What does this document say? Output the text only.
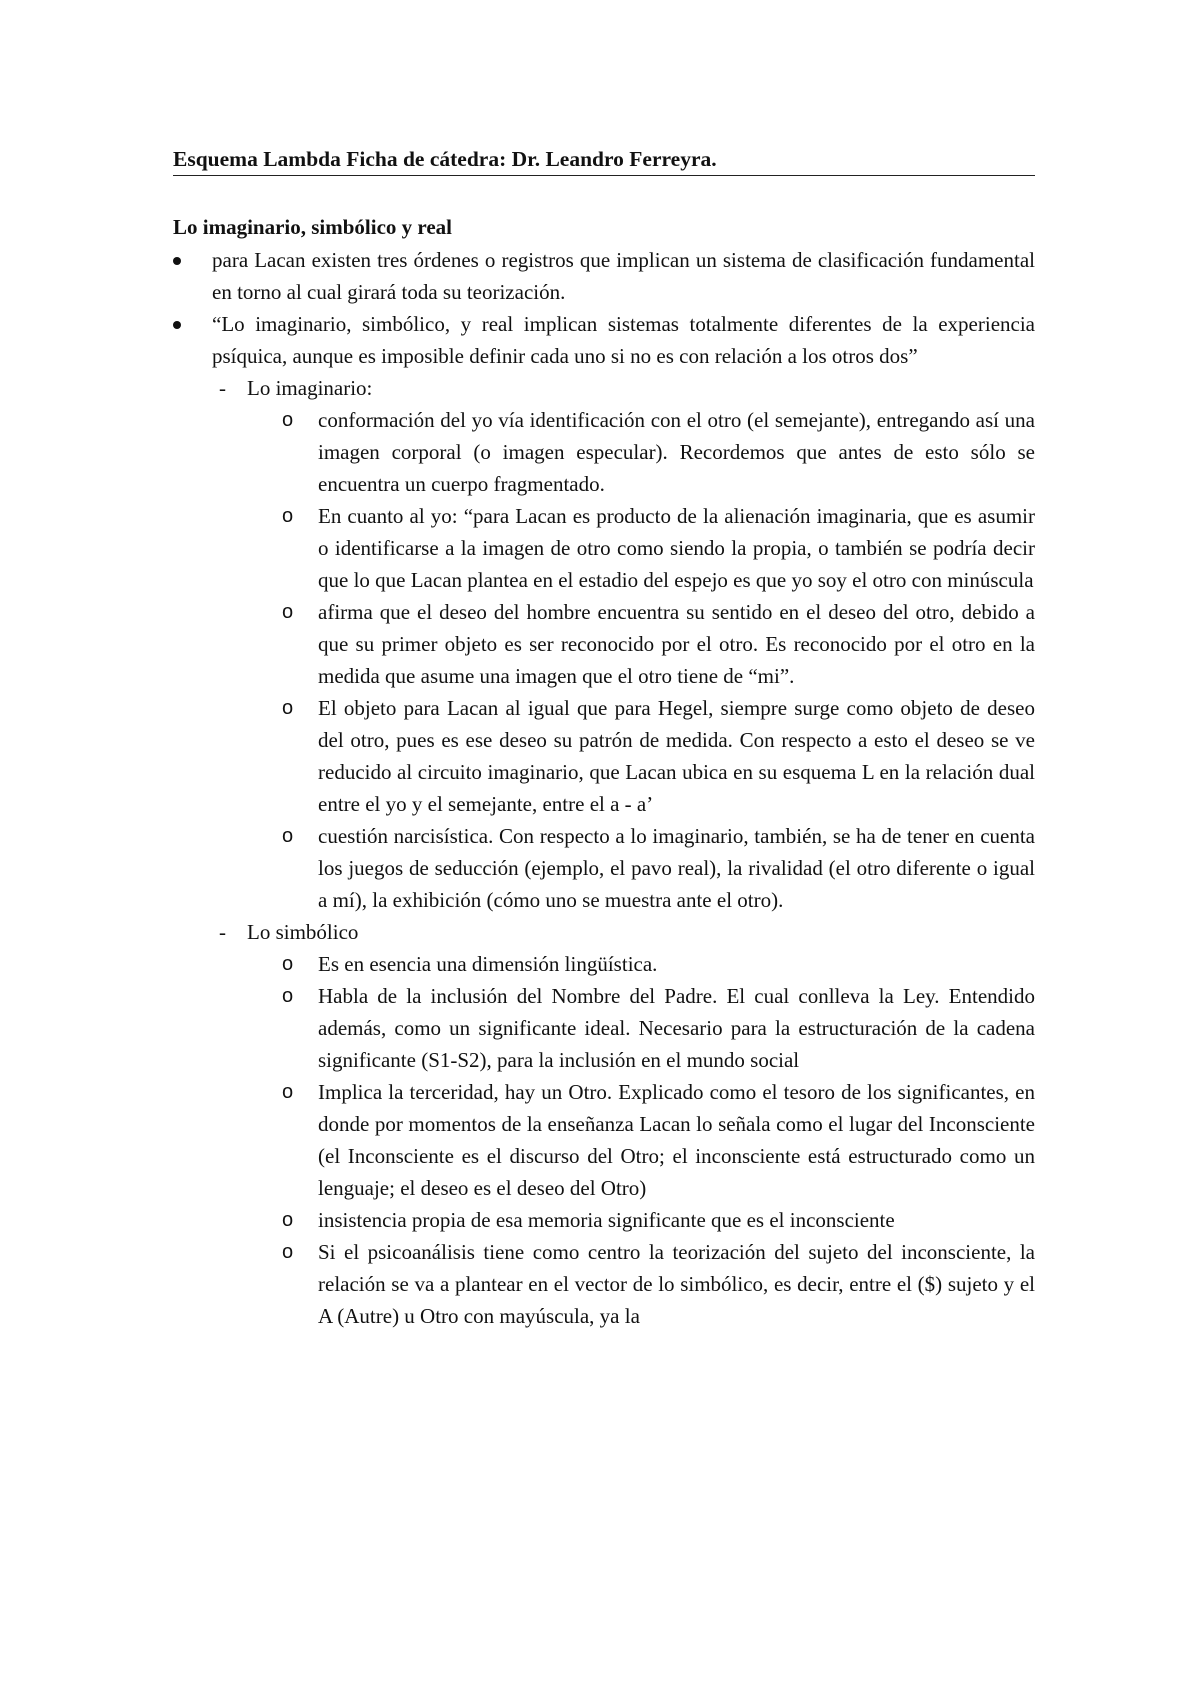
Esquema Lambda Ficha de cátedra: Dr. Leandro Ferreyra.
Lo imaginario, simbólico y real
para Lacan existen tres órdenes o registros que implican un sistema de clasificación fundamental en torno al cual girará toda su teorización.
“Lo imaginario, simbólico, y real implican sistemas totalmente diferentes de la experiencia psíquica, aunque es imposible definir cada uno si no es con relación a los otros dos”
- Lo imaginario:
o conformación del yo vía identificación con el otro (el semejante), entregando así una imagen corporal (o imagen especular). Recordemos que antes de esto sólo se encuentra un cuerpo fragmentado.
o En cuanto al yo: “para Lacan es producto de la alienación imaginaria, que es asumir o identificarse a la imagen de otro como siendo la propia, o también se podría decir que lo que Lacan plantea en el estadio del espejo es que yo soy el otro con minúscula
o afirma que el deseo del hombre encuentra su sentido en el deseo del otro, debido a que su primer objeto es ser reconocido por el otro. Es reconocido por el otro en la medida que asume una imagen que el otro tiene de “mi”.
o El objeto para Lacan al igual que para Hegel, siempre surge como objeto de deseo del otro, pues es ese deseo su patrón de medida. Con respecto a esto el deseo se ve reducido al circuito imaginario, que Lacan ubica en su esquema L en la relación dual entre el yo y el semejante, entre el a - a’
o cuestión narcisística. Con respecto a lo imaginario, también, se ha de tener en cuenta los juegos de seducción (ejemplo, el pavo real), la rivalidad (el otro diferente o igual a mí), la exhibición (cómo uno se muestra ante el otro).
- Lo simbólico
o Es en esencia una dimensión lingüística.
o Habla de la inclusión del Nombre del Padre. El cual conlleva la Ley. Entendido además, como un significante ideal. Necesario para la estructuración de la cadena significante (S1-S2), para la inclusión en el mundo social
o Implica la terceridad, hay un Otro. Explicado como el tesoro de los significantes, en donde por momentos de la enseñanza Lacan lo señala como el lugar del Inconsciente (el Inconsciente es el discurso del Otro; el inconsciente está estructurado como un lenguaje; el deseo es el deseo del Otro)
o insistencia propia de esa memoria significante que es el inconsciente
o Si el psicoanálisis tiene como centro la teorización del sujeto del inconsciente, la relación se va a plantear en el vector de lo simbólico, es decir, entre el ($) sujeto y el A (Autre) u Otro con mayúscula, ya la
